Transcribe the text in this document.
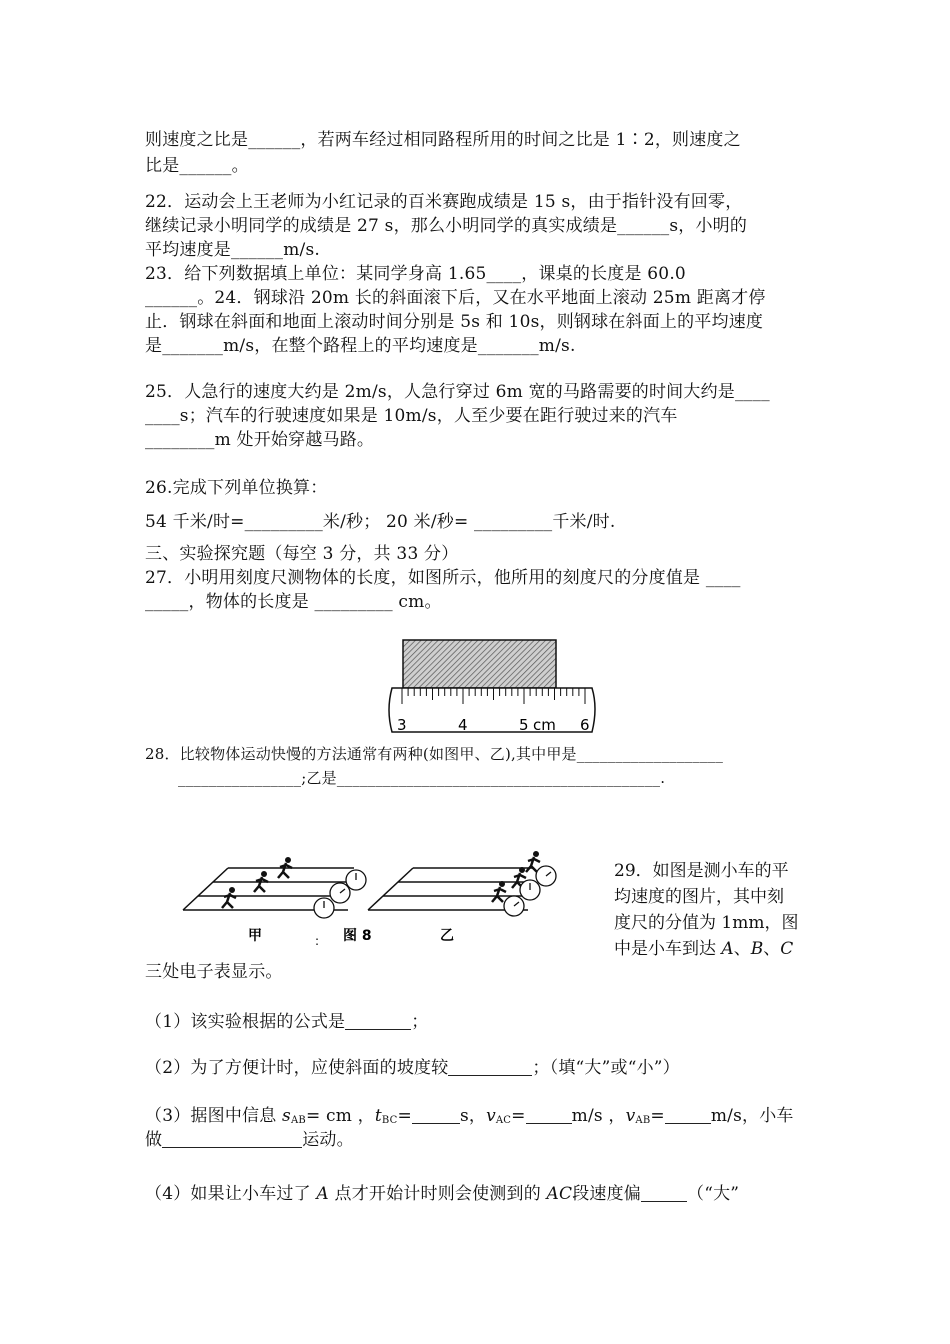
则速度之比是______，若两车经过相同路程所用的时间之比是 1∶2，则速度之
比是______。
22．运动会上王老师为小红记录的百米赛跑成绩是 15 s，由于指针没有回零，
继续记录小明同学的成绩是 27 s，那么小明同学的真实成绩是______s，小明的
平均速度是______m/s.
23．给下列数据填上单位：某同学身高 1.65____，课桌的长度是 60.0
______。24．钢球沿 20m 长的斜面滚下后，又在水平地面上滚动 25m 距离才停
止．钢球在斜面和地面上滚动时间分别是 5s 和 10s，则钢球在斜面上的平均速度
是_______m/s，在整个路程上的平均速度是_______m/s.
25．人急行的速度大约是 2m/s，人急行穿过 6m 宽的马路需要的时间大约是____
____s；汽车的行驶速度如果是 10m/s，人至少要在距行驶过来的汽车
________m 处开始穿越马路。
26.完成下列单位换算：
54 千米/时=_________米/秒； 20 米/秒= _________千米/时.
三、实验探究题（每空 3 分，共 33 分）
27．小明用刻度尺测物体的长度，如图所示，他所用的刻度尺的分度值是 ____
_____，物体的长度是 _________ cm。
3	4	5 cm 6
28．比较物体运动快慢的方法通常有两种(如图甲、乙),其中甲是___________________
________________;乙是__________________________________________.
甲	: 图 8	乙
29．如图是测小车的平
均速度的图片，其中刻
度尺的分值为 1mm，图
中是小车到达 A、B、C
三处电子表显示。
（1）该实验根据的公式是	；
（2）为了方便计时，应使斜面的坡度较	；（填“大”或“小”）
（3）据图中信息 $s_{AB}=$ cm ，$t_{BC}=$	s，$v_{AC}=$	m/s ，$v_{AB}=$	m/s，小车
做	运动。
（4）如果让小车过了 A 点才开始计时则会使测到的 AC段速度偏	（“大”
